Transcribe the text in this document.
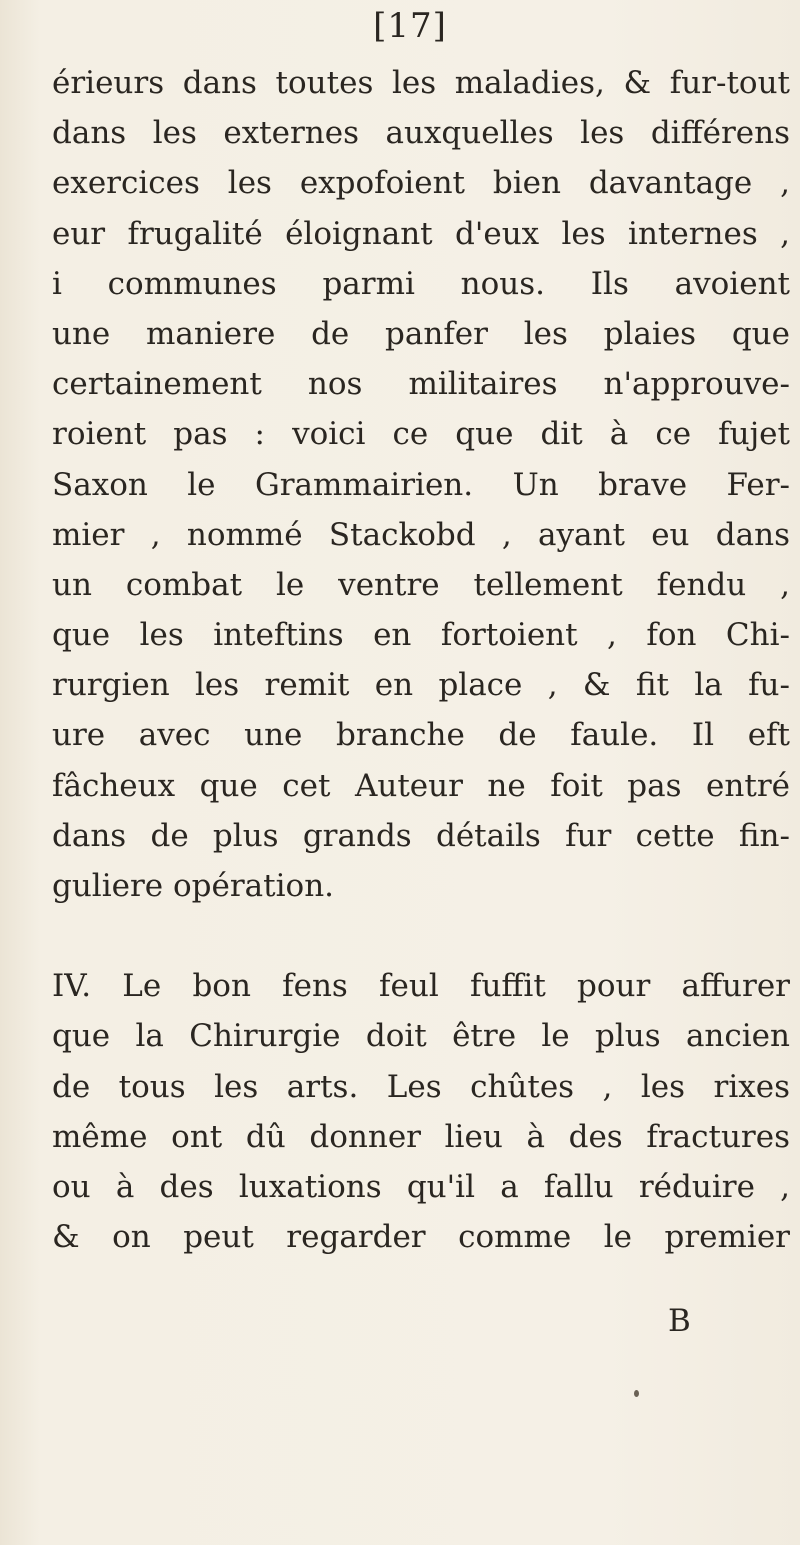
[17]
érieurs dans toutes les maladies, & fur-tout
dans les externes auxquelles les différens
exercices les expofoient bien davantage ,
eur frugalité éloignant d'eux les internes ,
i communes parmi nous. Ils avoient
une maniere de panfer les plaies que
certainement nos militaires n'approuve-
roient pas : voici ce que dit à ce fujet
Saxon le Grammairien. Un brave Fer-
mier , nommé Stackobd , ayant eu dans
un combat le ventre tellement fendu ,
que les inteftins en fortoient , fon Chi-
rurgien les remit en place , & fit la fu-
ure avec une branche de faule. Il eft
fâcheux que cet Auteur ne foit pas entré
dans de plus grands détails fur cette fin-
guliere opération.
IV. Le bon fens feul fuffit pour affurer
que la Chirurgie doit être le plus ancien
de tous les arts. Les chûtes , les rixes
même ont dû donner lieu à des fractures
ou à des luxations qu'il a fallu réduire ,
& on peut regarder comme le premier
B
